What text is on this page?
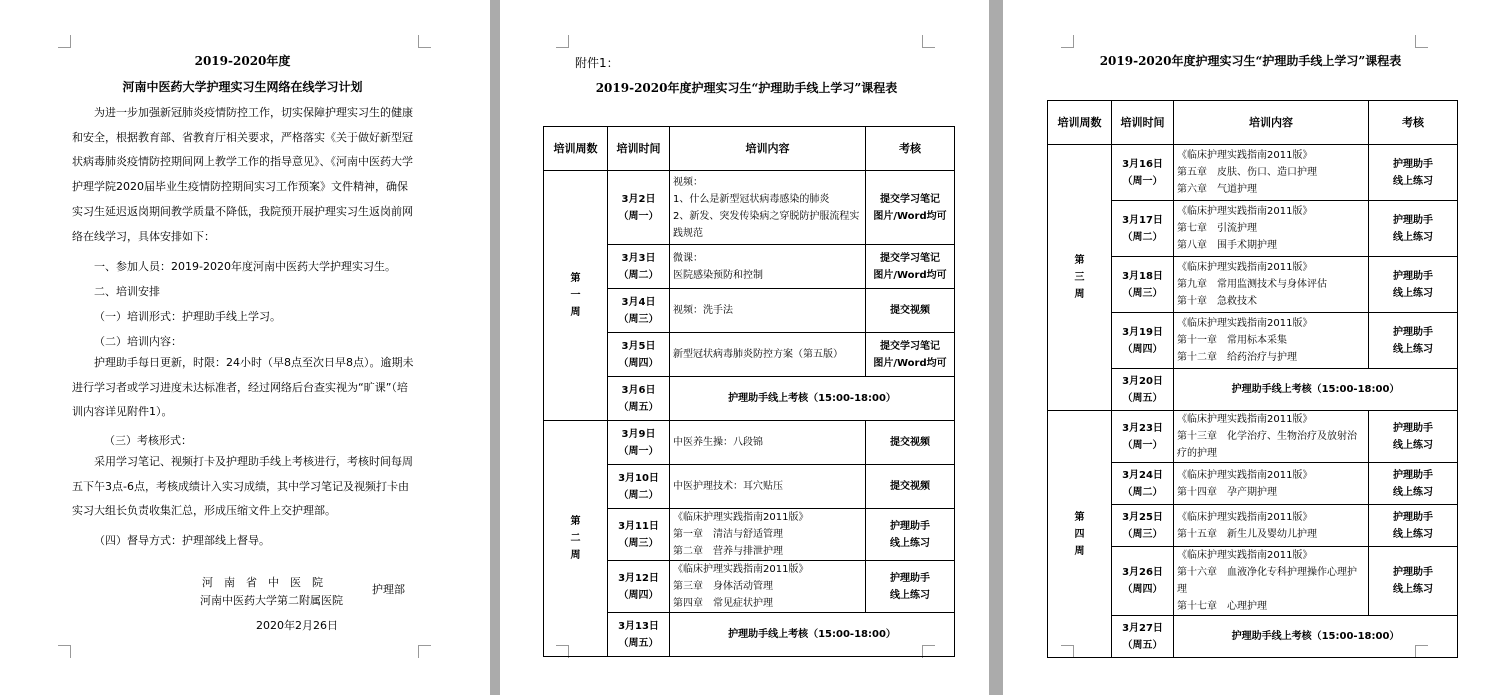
2019-2020年度
河南中医药大学护理实习生网络在线学习计划
为进一步加强新冠肺炎疫情防控工作，切实保障护理实习生的健康和安全，根据教育部、省教育厅相关要求，严格落实《关于做好新型冠状病毒肺炎疫情防控期间网上教学工作的指导意见》、《河南中医药大学护理学院2020届毕业生疫情防控期间实习工作预案》文件精神，确保实习生延迟返岗期间教学质量不降低，我院预开展护理实习生返岗前网络在线学习，具体安排如下：
一、参加人员：2019-2020年度河南中医药大学护理实习生。
二、培训安排
（一）培训形式：护理助手线上学习。
（二）培训内容：
护理助手每日更新，时限：24小时（早8点至次日早8点）。逾期未进行学习者或学习进度未达标准者，经过网络后台查实视为“旷课”（培训内容详见附件1）。
（三）考核形式：
采用学习笔记、视频打卡及护理助手线上考核进行，考核时间每周五下午3点-6点，考核成绩计入实习成绩，其中学习笔记及视频打卡由实习大组长负责收集汇总，形成压缩文件上交护理部。
（四）督导方式：护理部线上督导。
河　南　省　中　医　院
河南中医药大学第二附属医院
护理部
2020年2月26日
附件1：
2019-2020年度护理实习生“护理助手线上学习”课程表
培训周数	培训时间	培训内容	考核

第
一
周	3月2日
（周一）	视频：
1、什么是新型冠状病毒感染的肺炎
2、新发、突发传染病之穿脱防护服流程实践规范	提交学习笔记
图片/Word均可

	3月3日
（周二）	微课：
医院感染预防和控制	提交学习笔记
图片/Word均可

	3月4日
（周三）	视频：洗手法	提交视频

	3月5日
（周四）	新型冠状病毒肺炎防控方案（第五版）	提交学习笔记
图片/Word均可

	3月6日
（周五）	护理助手线上考核（15:00-18:00）	

第
二
周	3月9日
（周一）	中医养生操：八段锦	提交视频

	3月10日
（周二）	中医护理技术：耳穴贴压	提交视频

	3月11日
（周三）	《临床护理实践指南2011版》
第一章　清洁与舒适管理
第二章　营养与排泄护理	护理助手
线上练习

	3月12日
（周四）	《临床护理实践指南2011版》
第三章　身体活动管理
第四章　常见症状护理	护理助手
线上练习

	3月13日
（周五）	护理助手线上考核（15:00-18:00）	
2019-2020年度护理实习生“护理助手线上学习”课程表
培训周数	培训时间	培训内容	考核

第
三
周	3月16日
（周一）	《临床护理实践指南2011版》
第五章　皮肤、伤口、造口护理
第六章　气道护理	护理助手
线上练习

	3月17日
（周二）	《临床护理实践指南2011版》
第七章　引流护理
第八章　围手术期护理	护理助手
线上练习

	3月18日
（周三）	《临床护理实践指南2011版》
第九章　常用监测技术与身体评估
第十章　急救技术	护理助手
线上练习

	3月19日
（周四）	《临床护理实践指南2011版》
第十一章　常用标本采集
第十二章　给药治疗与护理	护理助手
线上练习

	3月20日
（周五）	护理助手线上考核（15:00-18:00）	

第
四
周	3月23日
（周一）	《临床护理实践指南2011版》
第十三章　化学治疗、生物治疗及放射治疗的护理	护理助手
线上练习

	3月24日
（周二）	《临床护理实践指南2011版》
第十四章　孕产期护理	护理助手
线上练习

	3月25日
（周三）	《临床护理实践指南2011版》
第十五章　新生儿及婴幼儿护理	护理助手
线上练习

	3月26日
（周四）	《临床护理实践指南2011版》
第十六章　血液净化专科护理操作心理护理
第十七章　心理护理	护理助手
线上练习

	3月27日
（周五）	护理助手线上考核（15:00-18:00）	
